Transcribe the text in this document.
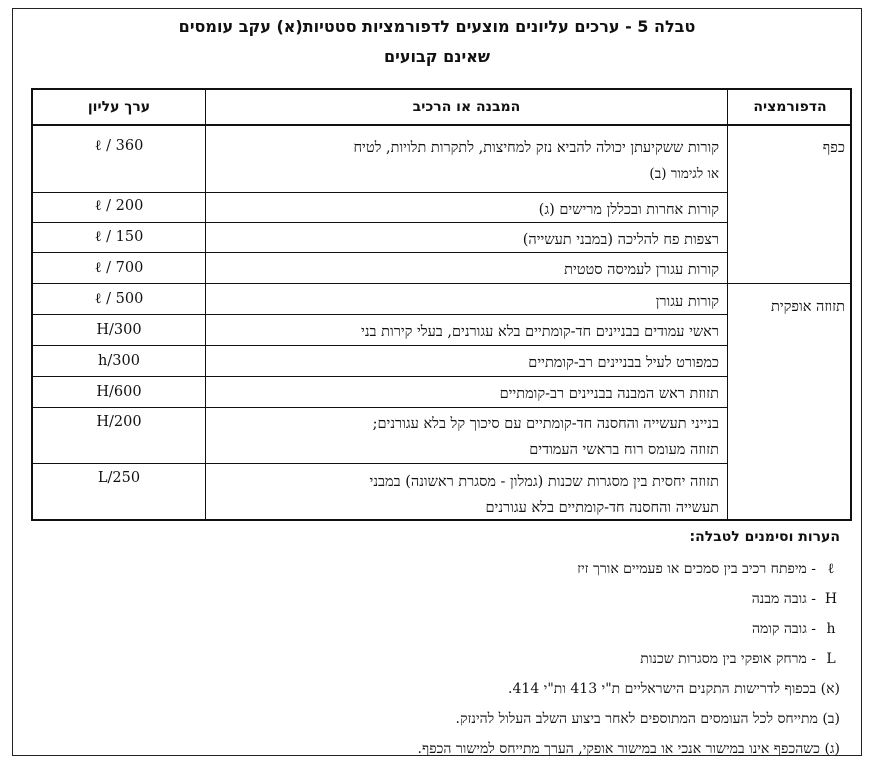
טבלה 5 - ערכים עליונים מוצעים לדפורמציות סטטיות(א) עקב עומסים
שאינם קבועים
ערך עליון	המבנה או הרכיב	הדפורמציה
כפף
תזוזה אופקית
קורות ששקיעתן יכולה להביא נזק למחיצות, לתקרות תלויות, לטיח
או לגימור (ב)
ℓ / 360
קורות אחרות ובכללן מרישים (ג)
ℓ / 200
רצפות פח להליכה (במבני תעשייה)
ℓ / 150
קורות עגורן לעמיסה סטטית
ℓ / 700
קורות עגורן
ℓ / 500
ראשי עמודים בבניינים חד-קומתיים בלא עגורנים, בעלי קירות בני
H/300
כמפורט לעיל בבניינים רב-קומתיים
h/300
תזוזת ראש המבנה בבניינים רב-קומתיים
H/600
בנייני תעשייה והחסנה חד-קומתיים עם סיכוך קל בלא עגורנים;
תזוזה מעומס רוח בראשי העמודים
H/200
תזוזה יחסית בין מסגרות שכנות (גמלון - מסגרת ראשונה) במבני
תעשייה והחסנה חד-קומתיים בלא עגורנים
L/250
הערות וסימנים לטבלה:
ℓ- מיפתח רכיב בין סמכים או פעמיים אורך זיז
H- גובה מבנה
h- גובה קומה
L- מרחק אופקי בין מסגרות שכנות
(א) בכפוף לדרישות התקנים הישראליים ת"י 413 ות"י 414.
(ב) מתייחס לכל העומסים המתוספים לאחר ביצוע השלב העלול להינזק.
(ג) כשהכפף אינו במישור אנכי או במישור אופקי, הערך מתייחס למישור הכפף.
